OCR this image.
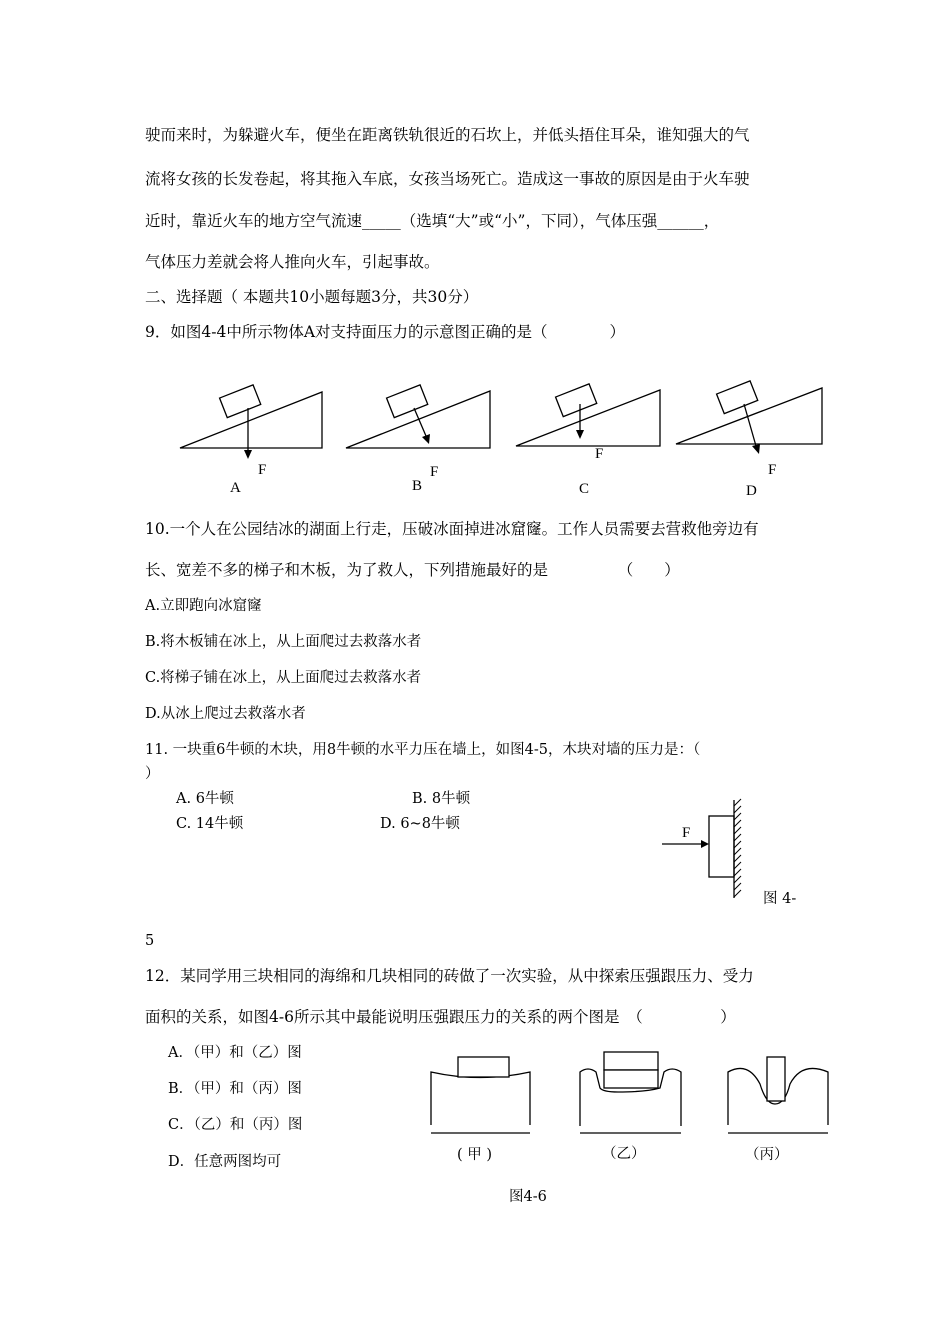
驶而来时，为躲避火车，便坐在距离铁轨很近的石坎上，并低头捂住耳朵，谁知强大的气
流将女孩的长发卷起，将其拖入车底，女孩当场死亡。造成这一事故的原因是由于火车驶
近时，靠近火车的地方空气流速_____（选填“大”或“小”，下同），气体压强______，
气体压力差就会将人推向火车，引起事故。
二、选择题（ 本题共10小题每题3分，共30分）
9．如图4-4中所示物体A对支持面压力的示意图正确的是（　　　　）
F
A
F
B
F
C
F
D
10.一个人在公园结冰的湖面上行走，压破冰面掉进冰窟窿。工作人员需要去营救他旁边有
长、宽差不多的梯子和木板，为了救人，下列措施最好的是　　　　　（　　）
A.立即跑向冰窟窿
B.将木板铺在冰上，从上面爬过去救落水者
C.将梯子铺在冰上，从上面爬过去救落水者
D.从冰上爬过去救落水者
11. 一块重6牛顿的木块，用8牛顿的水平力压在墙上，如图4-5，木块对墙的压力是：（
）
A. 6牛顿	B. 8牛顿
C. 14牛顿	D. 6~8牛顿
F
图 4-
5
12．某同学用三块相同的海绵和几块相同的砖做了一次实验，从中探索压强跟压力、受力
面积的关系，如图4-6所示其中最能说明压强跟压力的关系的两个图是　（　　　　　）
A．（甲）和（乙）图
B．（甲）和（丙）图
C．（乙）和（丙）图
D．任意两图均可	( 甲 )	（乙）	（丙）
图4-6
